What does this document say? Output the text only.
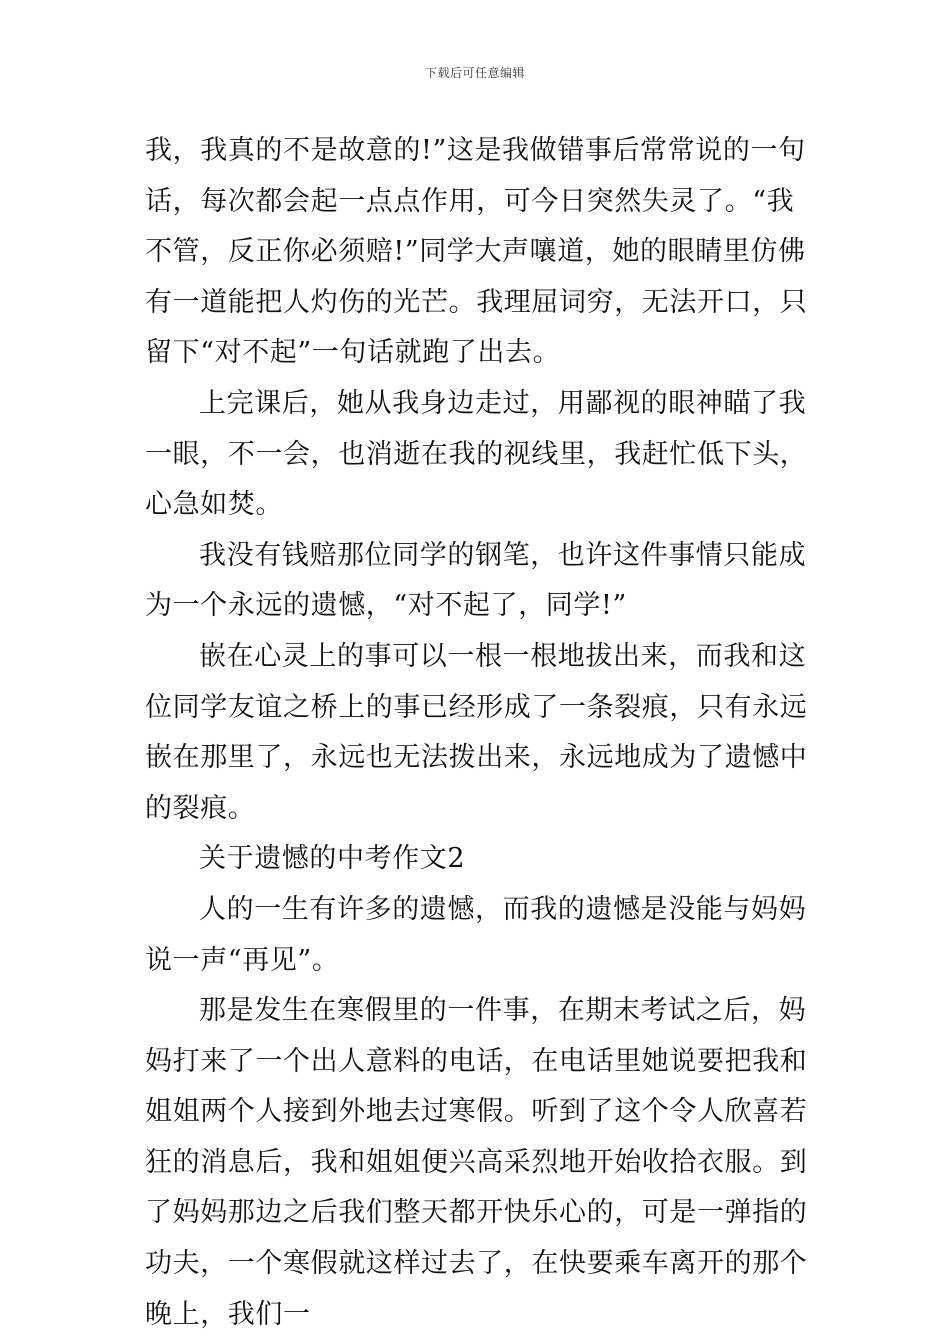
下载后可任意编辑

我，我真的不是故意的!”这是我做错事后常常说的一句话，每次都会起一点点作用，可今日突然失灵了。“我不管，反正你必须赔!”同学大声嚷道，她的眼睛里仿佛有一道能把人灼伤的光芒。我理屈词穷，无法开口，只留下“对不起”一句话就跑了出去。

上完课后，她从我身边走过，用鄙视的眼神瞄了我一眼，不一会，也消逝在我的视线里，我赶忙低下头，心急如焚。

我没有钱赔那位同学的钢笔，也许这件事情只能成为一个永远的遗憾，“对不起了，同学!”

嵌在心灵上的事可以一根一根地拔出来，而我和这位同学友谊之桥上的事已经形成了一条裂痕，只有永远嵌在那里了，永远也无法拨出来，永远地成为了遗憾中的裂痕。

关于遗憾的中考作文2

人的一生有许多的遗憾，而我的遗憾是没能与妈妈说一声“再见”。

那是发生在寒假里的一件事，在期末考试之后，妈妈打来了一个出人意料的电话，在电话里她说要把我和姐姐两个人接到外地去过寒假。听到了这个令人欣喜若狂的消息后，我和姐姐便兴高采烈地开始收拾衣服。到了妈妈那边之后我们整天都开快乐心的，可是一弹指的功夫，一个寒假就这样过去了，在快要乘车离开的那个晚上，我们一
